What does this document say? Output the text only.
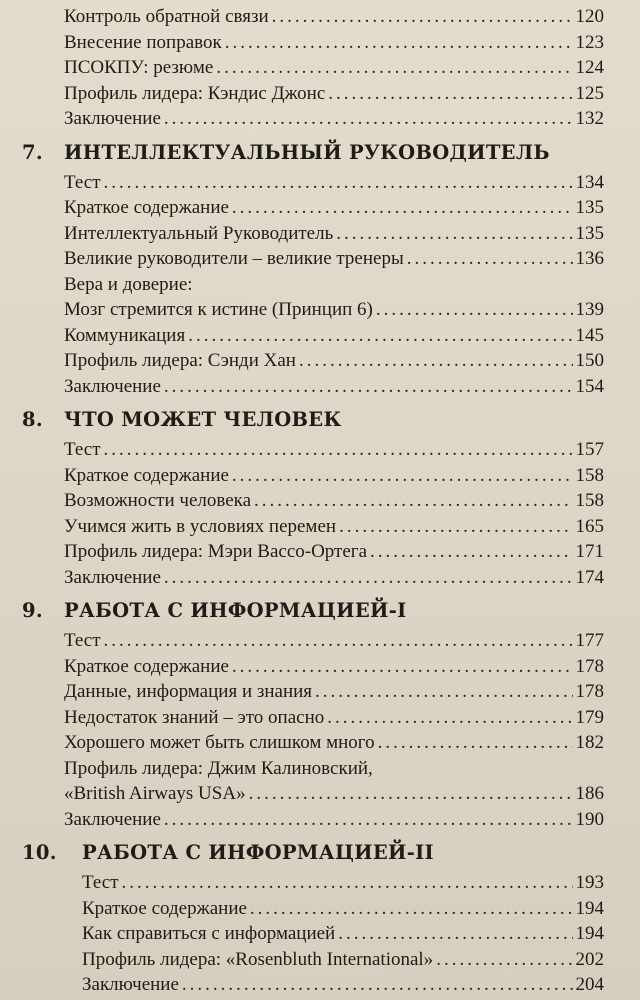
Контроль обратной связи .....	120
Внесение поправок .....	123
ПСОКПУ: резюме .....	124
Профиль лидера: Кэндис Джонс .....	125
Заключение .....	132
7.	ИНТЕЛЛЕКТУАЛЬНЫЙ РУКОВОДИТЕЛЬ
Тест .....	134
Краткое содержание .....	135
Интеллектуальный Руководитель .....	135
Великие руководители – великие тренеры .....	136
Вера и доверие:
Мозг стремится к истине (Принцип 6) .....	139
Коммуникация .....	145
Профиль лидера: Сэнди Хан .....	150
Заключение .....	154
8.	ЧТО МОЖЕТ ЧЕЛОВЕК
Тест .....	157
Краткое содержание .....	158
Возможности человека .....	158
Учимся жить в условиях перемен .....	165
Профиль лидера: Мэри Вассо-Ортега .....	171
Заключение .....	174
9.	РАБОТА С ИНФОРМАЦИЕЙ-I
Тест .....	177
Краткое содержание .....	178
Данные, информация и знания .....	178
Недостаток знаний – это опасно .....	179
Хорошего может быть слишком много .....	182
Профиль лидера: Джим Калиновский,
«British Airways USA» .....	186
Заключение .....	190
10.	РАБОТА С ИНФОРМАЦИЕЙ-II
Тест .....	193
Краткое содержание .....	194
Как справиться с информацией .....	194
Профиль лидера: «Rosenbluth International» .....	202
Заключение .....	204
